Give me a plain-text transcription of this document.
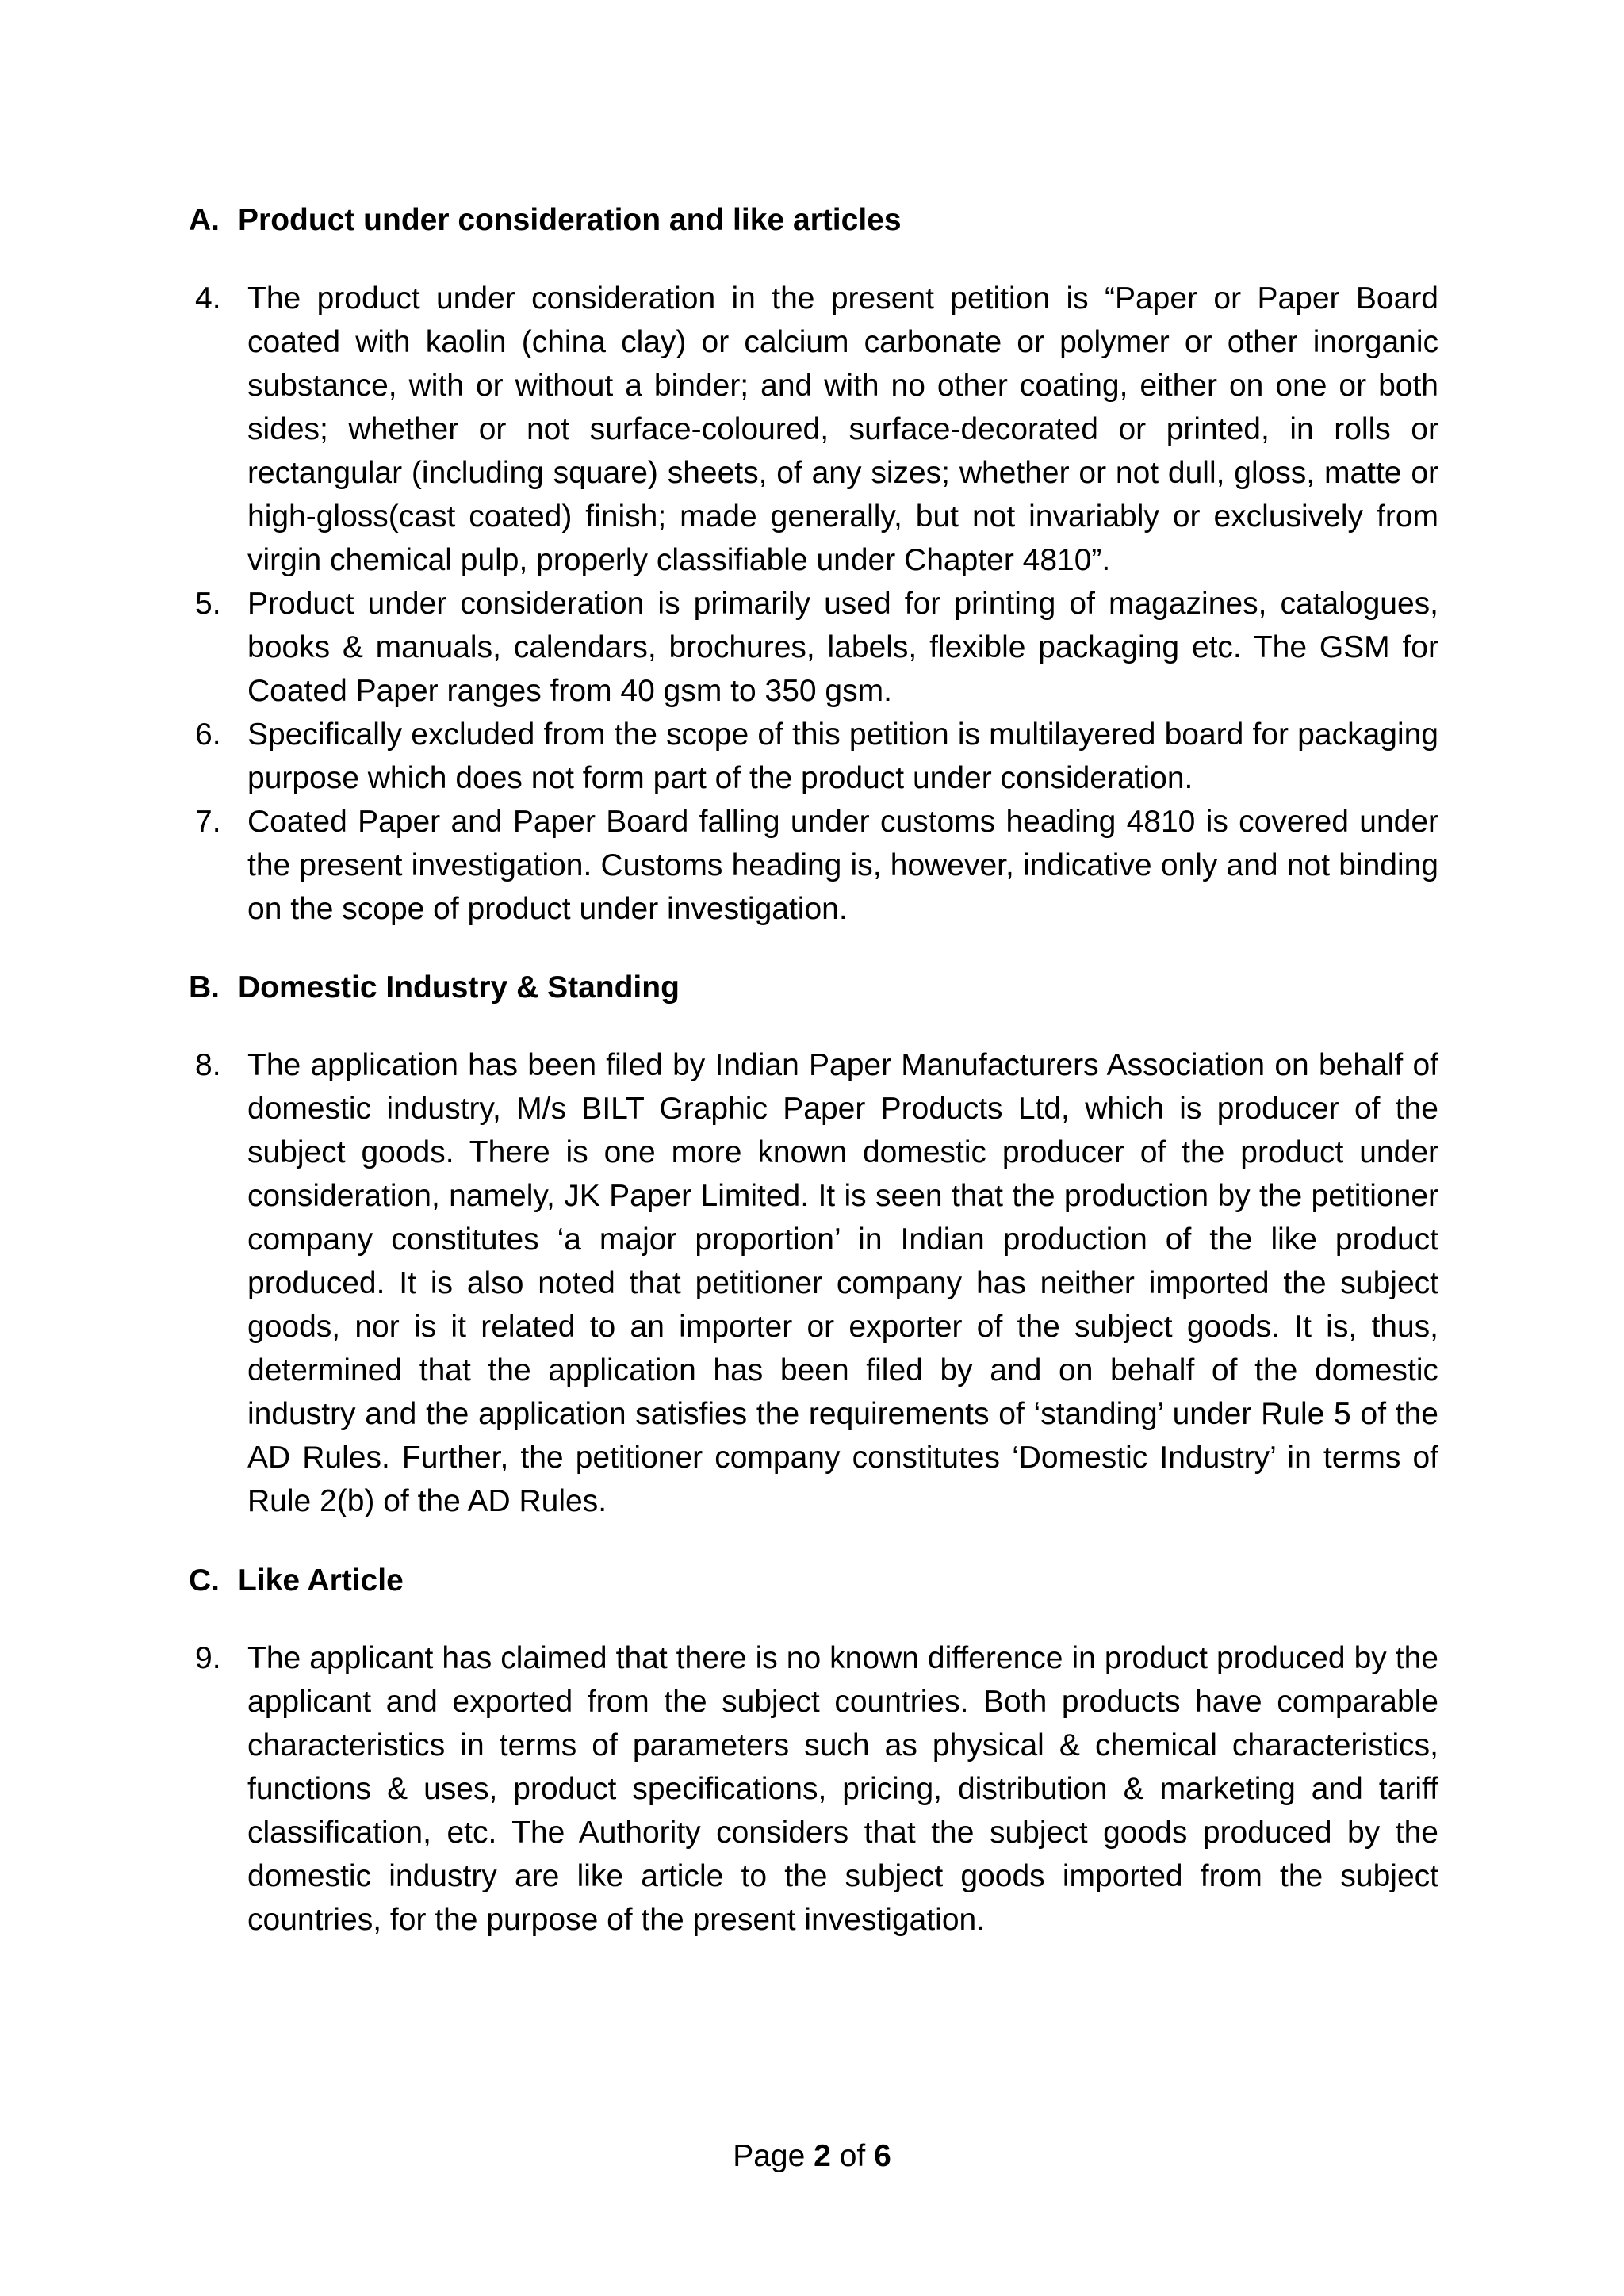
A. Product under consideration and like articles
4. The product under consideration in the present petition is “Paper or Paper Board coated with kaolin (china clay) or calcium carbonate or polymer or other inorganic substance, with or without a binder; and with no other coating, either on one or both sides; whether or not surface-coloured, surface-decorated or printed, in rolls or rectangular (including square) sheets, of any sizes; whether or not dull, gloss, matte or high-gloss(cast coated) finish; made generally, but not invariably or exclusively from virgin chemical pulp, properly classifiable under Chapter 4810”.
5. Product under consideration is primarily used for printing of magazines, catalogues, books & manuals, calendars, brochures, labels, flexible packaging etc. The GSM for Coated Paper ranges from 40 gsm to 350 gsm.
6. Specifically excluded from the scope of this petition is multilayered board for packaging purpose which does not form part of the product under consideration.
7. Coated Paper and Paper Board falling under customs heading 4810 is covered under the present investigation. Customs heading is, however, indicative only and not binding on the scope of product under investigation.
B. Domestic Industry & Standing
8. The application has been filed by Indian Paper Manufacturers Association on behalf of domestic industry, M/s BILT Graphic Paper Products Ltd, which is producer of the subject goods. There is one more known domestic producer of the product under consideration, namely, JK Paper Limited. It is seen that the production by the petitioner company constitutes ‘a major proportion’ in Indian production of the like product produced. It is also noted that petitioner company has neither imported the subject goods, nor is it related to an importer or exporter of the subject goods. It is, thus, determined that the application has been filed by and on behalf of the domestic industry and the application satisfies the requirements of ‘standing’ under Rule 5 of the AD Rules. Further, the petitioner company constitutes ‘Domestic Industry’ in terms of Rule 2(b) of the AD Rules.
C. Like Article
9. The applicant has claimed that there is no known difference in product produced by the applicant and exported from the subject countries. Both products have comparable characteristics in terms of parameters such as physical & chemical characteristics, functions & uses, product specifications, pricing, distribution & marketing and tariff classification, etc. The Authority considers that the subject goods produced by the domestic industry are like article to the subject goods imported from the subject countries, for the purpose of the present investigation.
Page 2 of 6
